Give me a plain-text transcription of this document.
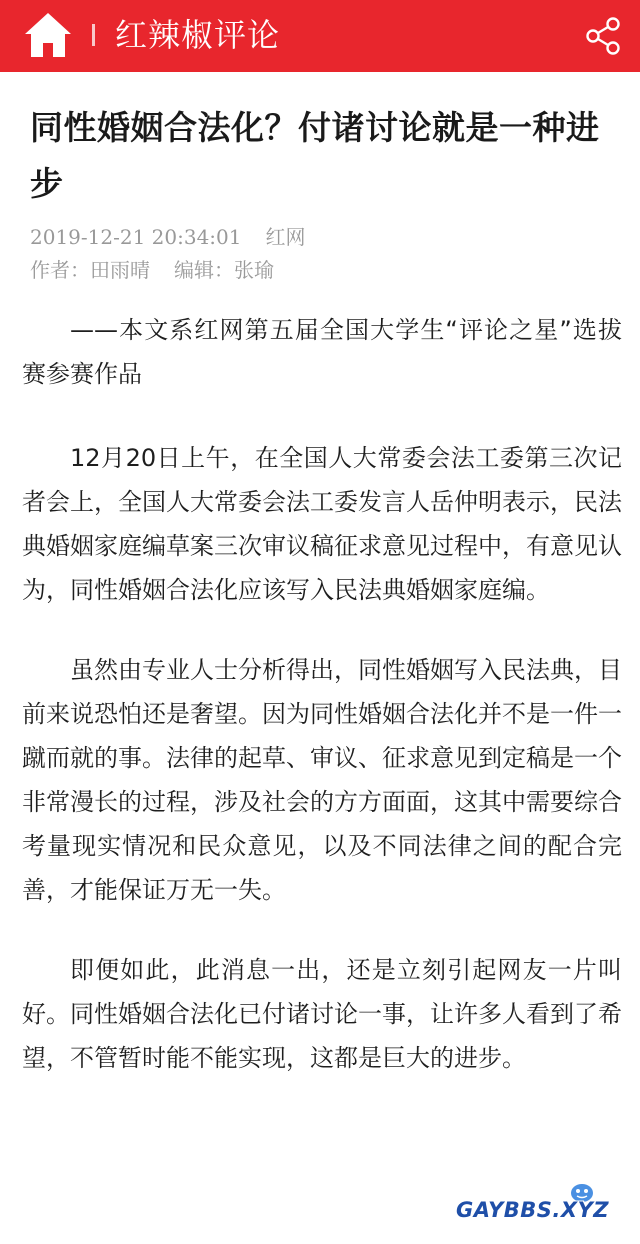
红辣椒评论
同性婚姻合法化？付诸讨论就是一种进步
2019-12-21 20:34:01 红网
作者：田雨晴 编辑：张瑜

——本文系红网第五届全国大学生“评论之星”选拔赛参赛作品

12月20日上午，在全国人大常委会法工委第三次记者会上，全国人大常委会法工委发言人岳仲明表示，民法典婚姻家庭编草案三次审议稿征求意见过程中，有意见认为，同性婚姻合法化应该写入民法典婚姻家庭编。

虽然由专业人士分析得出，同性婚姻写入民法典，目前来说恐怕还是奢望。因为同性婚姻合法化并不是一件一蹴而就的事。法律的起草、审议、征求意见到定稿是一个非常漫长的过程，涉及社会的方方面面，这其中需要综合考量现实情况和民众意见，以及不同法律之间的配合完善，才能保证万无一失。

即便如此，此消息一出，还是立刻引起网友一片叫好。同性婚姻合法化已付诸讨论一事，让许多人看到了希望，不管暂时能不能实现，这都是巨大的进步。

GAYBBS.XYZ
